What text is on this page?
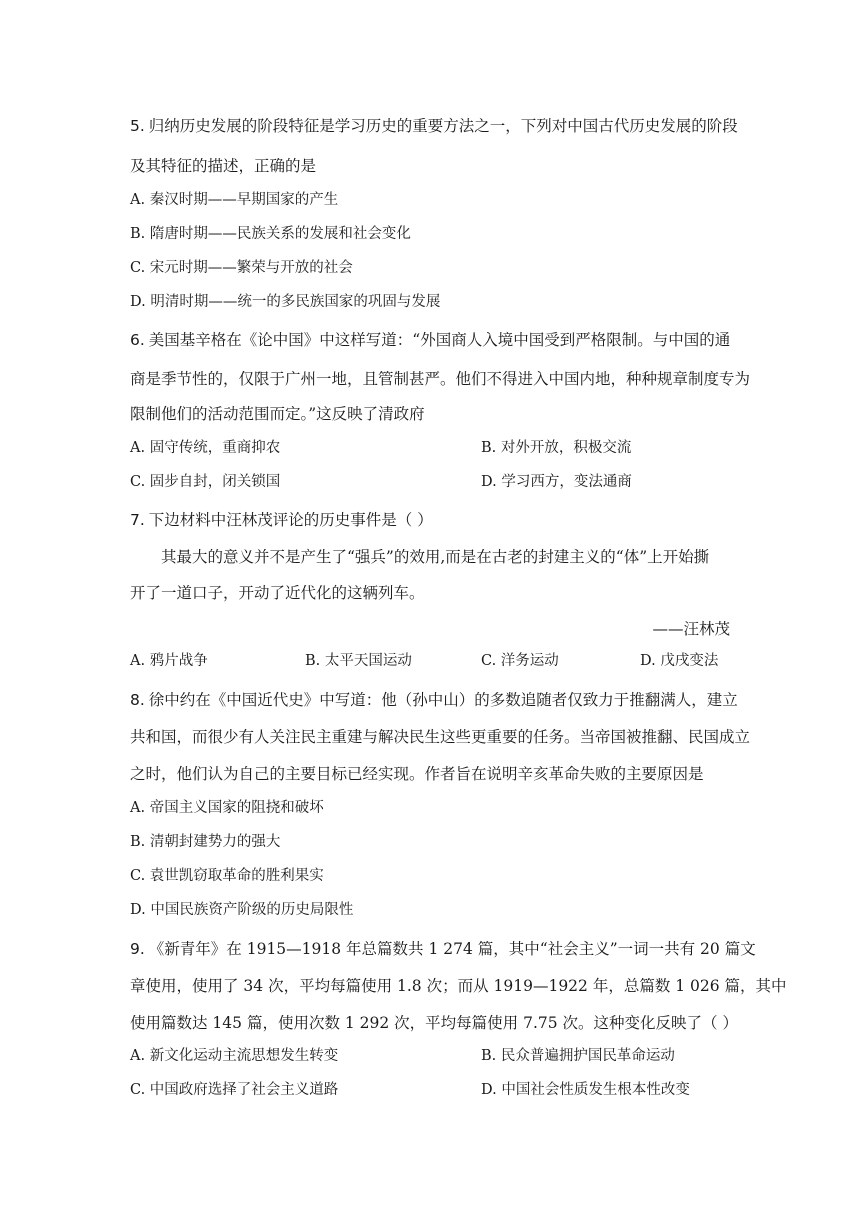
5. 归纳历史发展的阶段特征是学习历史的重要方法之一，下列对中国古代历史发展的阶段
及其特征的描述，正确的是
A. 秦汉时期——早期国家的产生
B. 隋唐时期——民族关系的发展和社会变化
C. 宋元时期——繁荣与开放的社会
D. 明清时期——统一的多民族国家的巩固与发展
6. 美国基辛格在《论中国》中这样写道：“外国商人入境中国受到严格限制。与中国的通
商是季节性的，仅限于广州一地，且管制甚严。他们不得进入中国内地，种种规章制度专为
限制他们的活动范围而定。”这反映了清政府
A. 固守传统，重商抑农	B. 对外开放，积极交流
C. 固步自封，闭关锁国	D. 学习西方，变法通商
7. 下边材料中汪林茂评论的历史事件是（ ）
其最大的意义并不是产生了“强兵”的效用,而是在古老的封建主义的“体”上开始撕
开了一道口子，开动了近代化的这辆列车。
——汪林茂
A. 鸦片战争	B. 太平天国运动	C. 洋务运动	D. 戊戌变法
8. 徐中约在《中国近代史》中写道：他（孙中山）的多数追随者仅致力于推翻满人，建立
共和国，而很少有人关注民主重建与解决民生这些更重要的任务。当帝国被推翻、民国成立
之时，他们认为自己的主要目标已经实现。作者旨在说明辛亥革命失败的主要原因是
A. 帝国主义国家的阻挠和破坏
B. 清朝封建势力的强大
C. 袁世凯窃取革命的胜利果实
D. 中国民族资产阶级的历史局限性
9. 《新青年》在 1915—1918 年总篇数共 1 274 篇，其中“社会主义”一词一共有 20 篇文
章使用，使用了 34 次，平均每篇使用 1.8 次；而从 1919—1922 年，总篇数 1 026 篇，其中
使用篇数达 145 篇，使用次数 1 292 次，平均每篇使用 7.75 次。这种变化反映了（ ）
A. 新文化运动主流思想发生转变	B. 民众普遍拥护国民革命运动
C. 中国政府选择了社会主义道路	D. 中国社会性质发生根本性改变
